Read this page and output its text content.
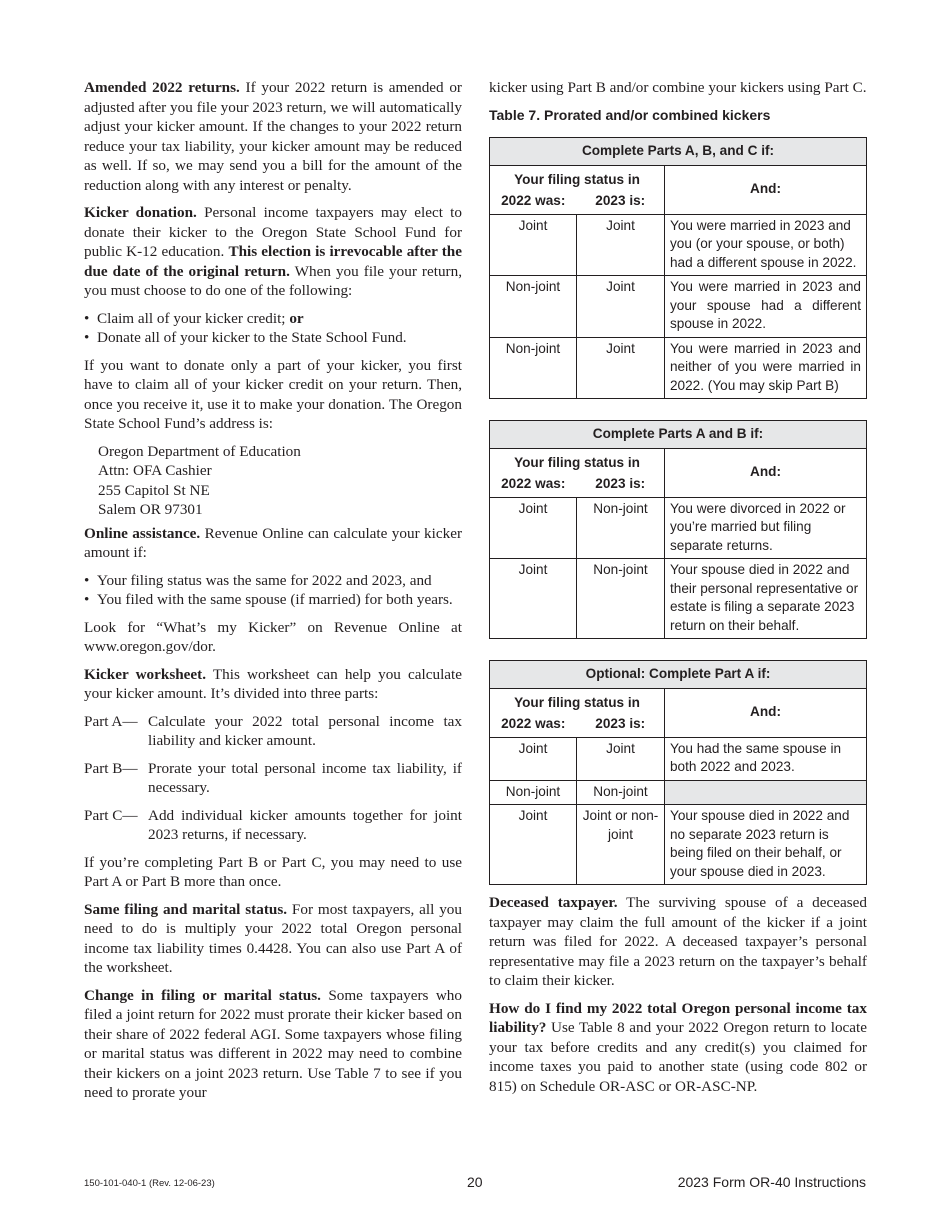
Amended 2022 returns. If your 2022 return is amended or adjusted after you file your 2023 return, we will automatically adjust your kicker amount. If the changes to your 2022 return reduce your tax liability, your kicker amount may be reduced as well. If so, we may send you a bill for the amount of the reduction along with any interest or penalty.

Kicker donation. Personal income taxpayers may elect to donate their kicker to the Oregon State School Fund for public K-12 education. This election is irrevocable after the due date of the original return. When you file your return, you must choose to do one of the following:

• Claim all of your kicker credit; or
• Donate all of your kicker to the State School Fund.

If you want to donate only a part of your kicker, you first have to claim all of your kicker credit on your return. Then, once you receive it, use it to make your donation. The Oregon State School Fund’s address is:

Oregon Department of Education
Attn: OFA Cashier
255 Capitol St NE
Salem OR 97301

Online assistance. Revenue Online can calculate your kicker amount if:

• Your filing status was the same for 2022 and 2023, and
• You filed with the same spouse (if married) for both years.

Look for “What’s my Kicker” on Revenue Online at www.oregon.gov/dor.

Kicker worksheet. This worksheet can help you calculate your kicker amount. It’s divided into three parts:

Part A— Calculate your 2022 total personal income tax liability and kicker amount.
Part B— Prorate your total personal income tax liability, if necessary.
Part C— Add individual kicker amounts together for joint 2023 returns, if necessary.

If you’re completing Part B or Part C, you may need to use Part A or Part B more than once.

Same filing and marital status. For most taxpayers, all you need to do is multiply your 2022 total Oregon personal income tax liability times 0.4428. You can also use Part A of the worksheet.

Change in filing or marital status. Some taxpayers who filed a joint return for 2022 must prorate their kicker based on their share of 2022 federal AGI. Some taxpayers whose filing or marital status was different in 2022 may need to combine their kickers on a joint 2023 return. Use Table 7 to see if you need to prorate your

kicker using Part B and/or combine your kickers using Part C.

Table 7. Prorated and/or combined kickers
Complete Parts A, B, and C if:		
Your filing status in		And:
2022 was:	2023 is:	
Joint	Joint	You were married in 2023 and you (or your spouse, or both) had a different spouse in 2022.
Non-joint	Joint	You were married in 2023 and your spouse had a different spouse in 2022.
Non-joint	Joint	You were married in 2023 and neither of you were married in 2022. (You may skip Part B)
Complete Parts A and B if:		
Your filing status in		And:
2022 was:	2023 is:	
Joint	Non-joint	You were divorced in 2022 or you’re married but filing separate returns.
Joint	Non-joint	Your spouse died in 2022 and their personal representative or estate is filing a separate 2023 return on their behalf.
Optional: Complete Part A if:		
Your filing status in		And:
2022 was:	2023 is:	
Joint	Joint	You had the same spouse in both 2022 and 2023.
Non-joint	Non-joint	
Joint	Joint or non-joint	Your spouse died in 2022 and no separate 2023 return is being filed on their behalf, or your spouse died in 2023.

Deceased taxpayer. The surviving spouse of a deceased taxpayer may claim the full amount of the kicker if a joint return was filed for 2022. A deceased taxpayer’s personal representative may file a 2023 return on the taxpayer’s behalf to claim their kicker.

How do I find my 2022 total Oregon personal income tax liability? Use Table 8 and your 2022 Oregon return to locate your tax before credits and any credit(s) you claimed for income taxes you paid to another state (using code 802 or 815) on Schedule OR-ASC or OR-ASC-NP.

150-101-040-1 (Rev. 12-06-23)	20	2023 Form OR-40 Instructions
